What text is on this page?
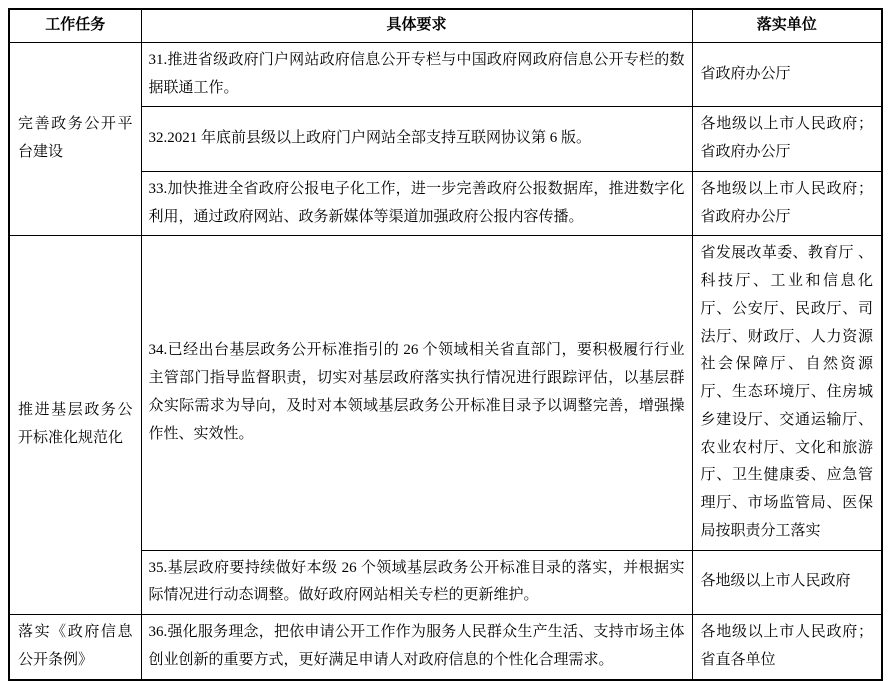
工作任务	具体要求	落实单位
完善政务公开平台建设	31.推进省级政府门户网站政府信息公开专栏与中国政府网政府信息公开专栏的数据联通工作。	省政府办公厅
	32.2021 年底前县级以上政府门户网站全部支持互联网协议第 6 版。	各地级以上市人民政府；省政府办公厅
	33.加快推进全省政府公报电子化工作，进一步完善政府公报数据库，推进数字化利用，通过政府网站、政务新媒体等渠道加强政府公报内容传播。	各地级以上市人民政府；省政府办公厅
推进基层政务公开标准化规范化	34.已经出台基层政务公开标准指引的 26 个领域相关省直部门，要积极履行行业主管部门指导监督职责，切实对基层政府落实执行情况进行跟踪评估，以基层群众实际需求为导向，及时对本领域基层政务公开标准目录予以调整完善，增强操作性、实效性。	省发展改革委、教育厅 、科技厅、工业和信息化厅、公安厅、民政厅、司法厅、财政厅、人力资源社会保障厅、自然资源厅、生态环境厅、住房城乡建设厅、交通运输厅、农业农村厅、文化和旅游厅、卫生健康委、应急管理厅、市场监管局、医保局按职责分工落实
	35.基层政府要持续做好本级 26 个领域基层政务公开标准目录的落实，并根据实际情况进行动态调整。做好政府网站相关专栏的更新维护。	各地级以上市人民政府
落实《政府信息公开条例》	36.强化服务理念，把依申请公开工作作为服务人民群众生产生活、支持市场主体创业创新的重要方式，更好满足申请人对政府信息的个性化合理需求。	各地级以上市人民政府；省直各单位
